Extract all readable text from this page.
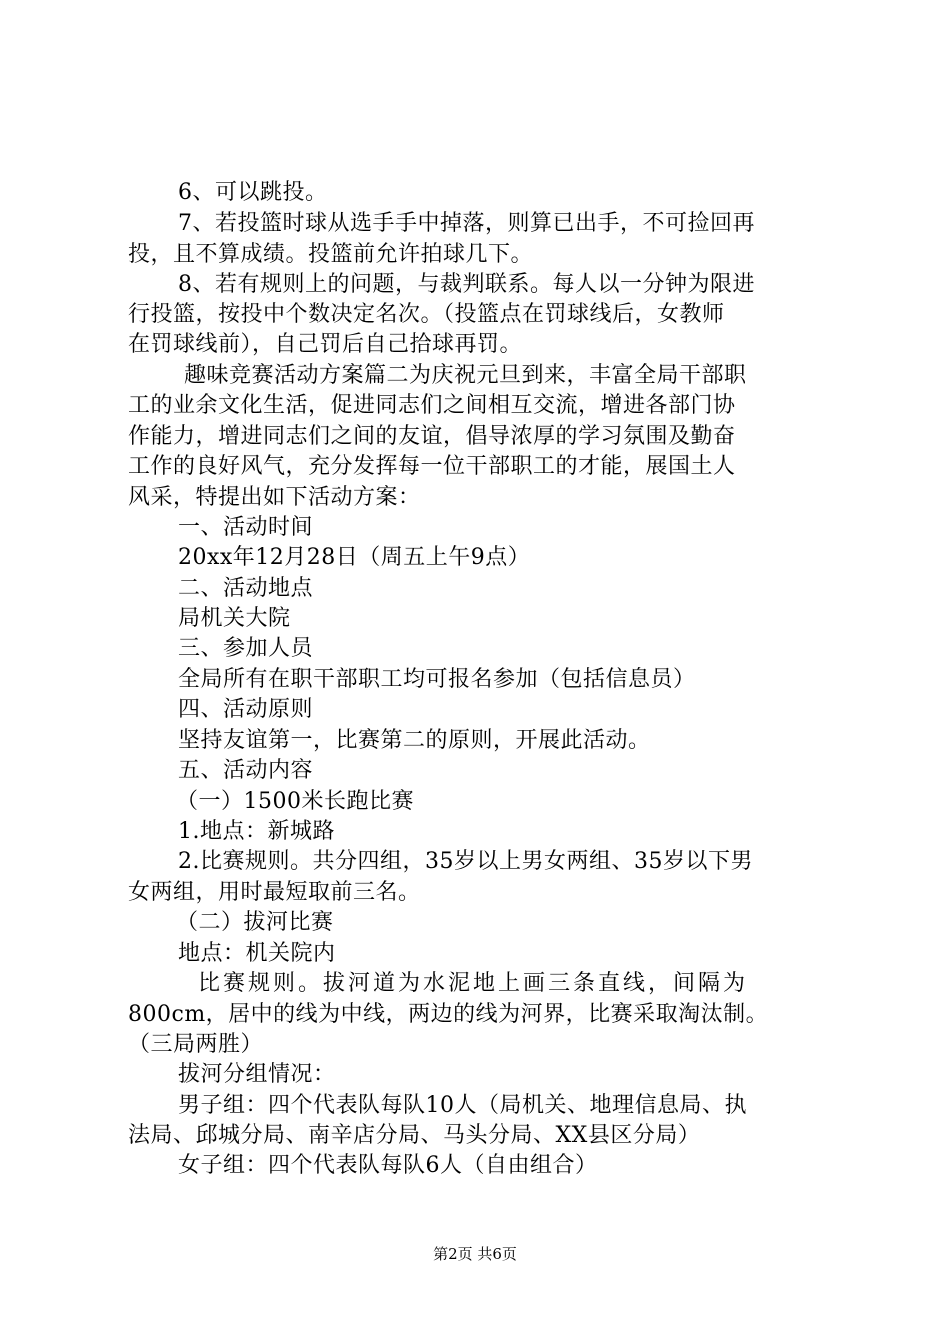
6、可以跳投。
7、若投篮时球从选手手中掉落，则算已出手，不可捡回再
投，且不算成绩。投篮前允许拍球几下。
8、若有规则上的问题，与裁判联系。每人以一分钟为限进
行投篮，按投中个数决定名次。（投篮点在罚球线后，女教师
在罚球线前），自己罚后自己拾球再罚。
趣味竞赛活动方案篇二为庆祝元旦到来，丰富全局干部职
工的业余文化生活，促进同志们之间相互交流，增进各部门协
作能力，增进同志们之间的友谊，倡导浓厚的学习氛围及勤奋
工作的良好风气，充分发挥每一位干部职工的才能，展国土人
风采，特提出如下活动方案：
一、活动时间
20xx年12月28日（周五上午9点）
二、活动地点
局机关大院
三、参加人员
全局所有在职干部职工均可报名参加（包括信息员）
四、活动原则
坚持友谊第一，比赛第二的原则，开展此活动。
五、活动内容
（一）1500米长跑比赛
1.地点：新城路
2.比赛规则。共分四组，35岁以上男女两组、35岁以下男
女两组，用时最短取前三名。
（二）拔河比赛
地点：机关院内
比赛规则。拔河道为水泥地上画三条直线，间隔为
800cm，居中的线为中线，两边的线为河界，比赛采取淘汰制。
（三局两胜）
拔河分组情况：
男子组：四个代表队每队10人（局机关、地理信息局、执
法局、邱城分局、南辛店分局、马头分局、XX县区分局）
女子组：四个代表队每队6人（自由组合）
第2页 共6页
